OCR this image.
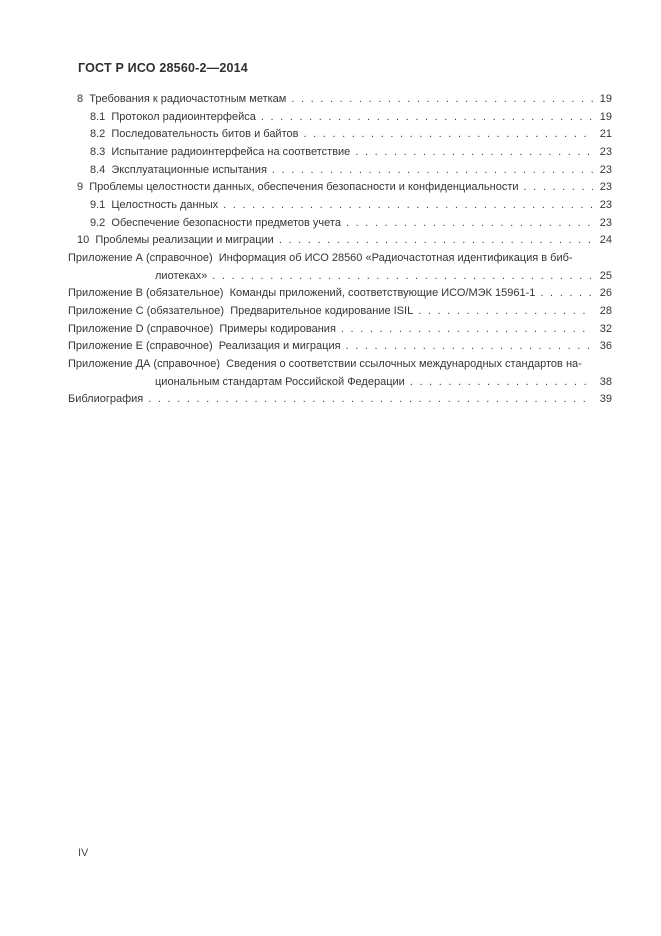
ГОСТ Р ИСО 28560-2—2014
8  Требования к радиочастотным меткам .....	19
8.1  Протокол радиоинтерфейса .....	19
8.2  Последовательность битов и байтов .....	21
8.3  Испытание радиоинтерфейса на соответствие .....	23
8.4  Эксплуатационные испытания .....	23
9  Проблемы целостности данных, обеспечения безопасности и конфиденциальности .....	23
9.1  Целостность данных .....	23
9.2  Обеспечение безопасности предметов учета .....	23
10  Проблемы реализации и миграции .....	24
Приложение А (справочное)  Информация об ИСО 28560 «Радиочастотная идентификация в биб-
лиотеках» .....	25
Приложение В (обязательное)  Команды приложений, соответствующие ИСО/МЭК 15961-1 .....	26
Приложение С (обязательное)  Предварительное кодирование ISIL .....	28
Приложение D (справочное)  Примеры кодирования .....	32
Приложение E (справочное)  Реализация и миграция .....	36
Приложение ДА (справочное)  Сведения о соответствии ссылочных международных стандартов на-
циональным стандартам Российской Федерации .....	38
Библиография .....	39
IV
